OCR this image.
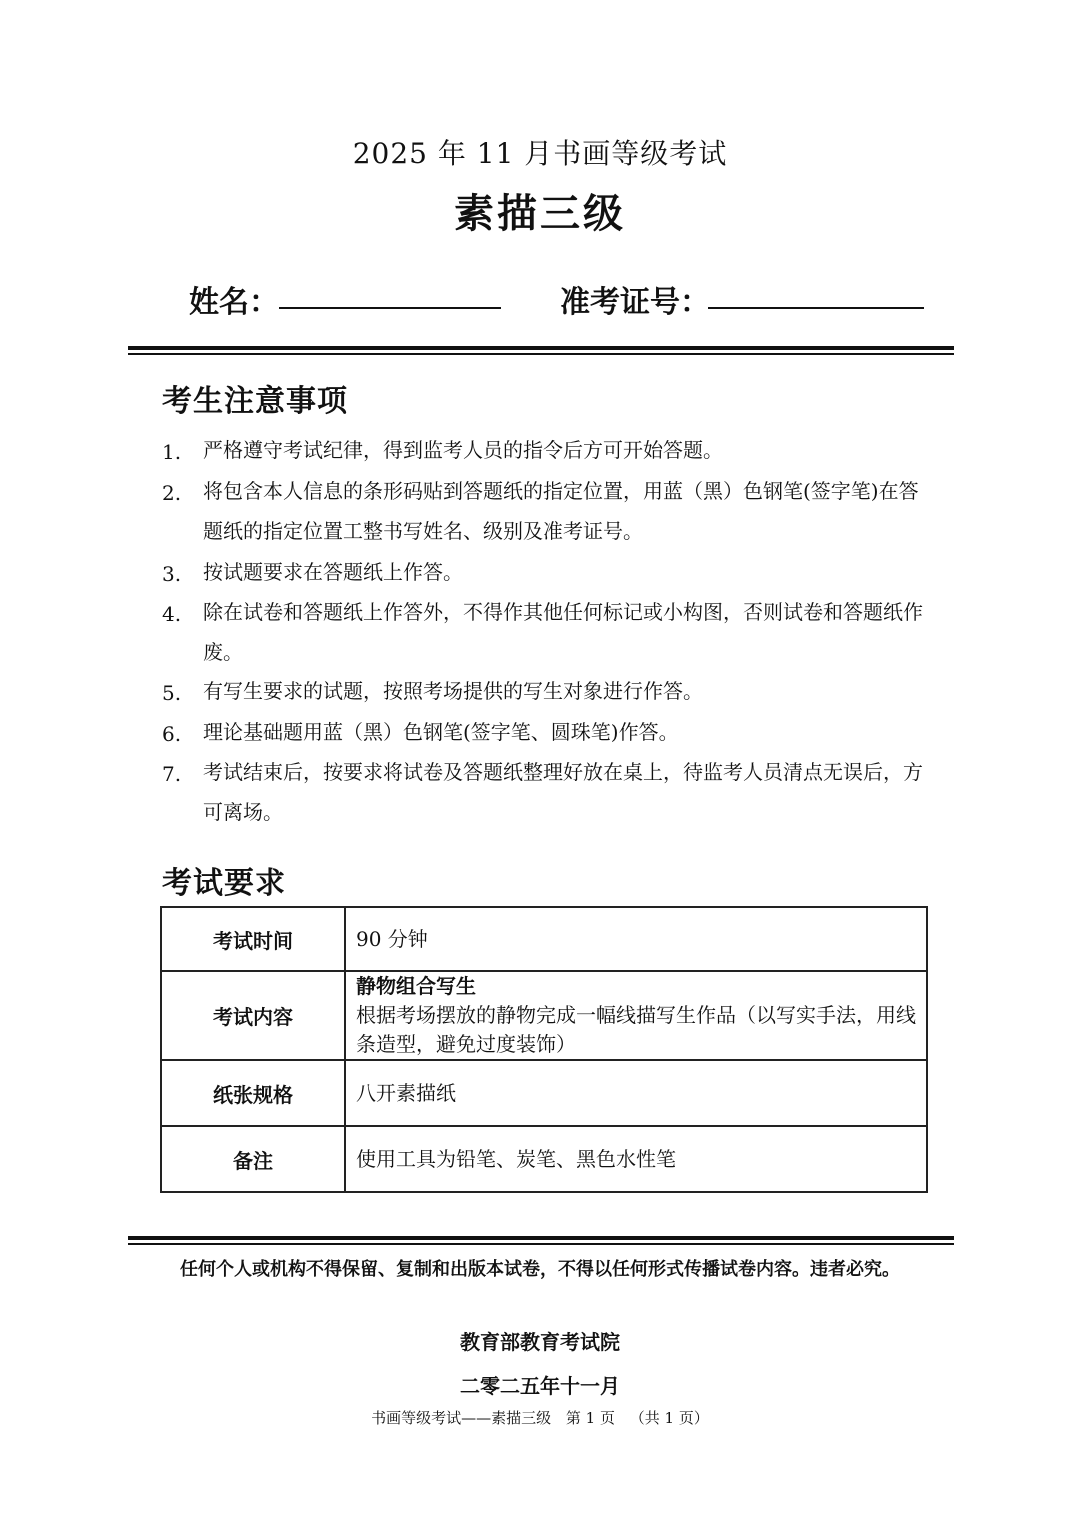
2025 年 11 月书画等级考试
素描三级
姓名：	准考证号：
考生注意事项
1. 严格遵守考试纪律，得到监考人员的指令后方可开始答题。
2. 将包含本人信息的条形码贴到答题纸的指定位置，用蓝（黑）色钢笔(签字笔)在答题纸的指定位置工整书写姓名、级别及准考证号。
3. 按试题要求在答题纸上作答。
4. 除在试卷和答题纸上作答外，不得作其他任何标记或小构图，否则试卷和答题纸作废。
5. 有写生要求的试题，按照考场提供的写生对象进行作答。
6. 理论基础题用蓝（黑）色钢笔(签字笔、圆珠笔)作答。
7. 考试结束后，按要求将试卷及答题纸整理好放在桌上，待监考人员清点无误后，方可离场。
考试要求
考试时间	90 分钟
考试内容	静物组合写生
根据考场摆放的静物完成一幅线描写生作品（以写实手法，用线条造型，避免过度装饰）

纸张规格	八开素描纸
备注	使用工具为铅笔、炭笔、黑色水性笔
任何个人或机构不得保留、复制和出版本试卷，不得以任何形式传播试卷内容。违者必究。
教育部教育考试院
二零二五年十一月
书画等级考试——素描三级 第 1 页 （共 1 页）
